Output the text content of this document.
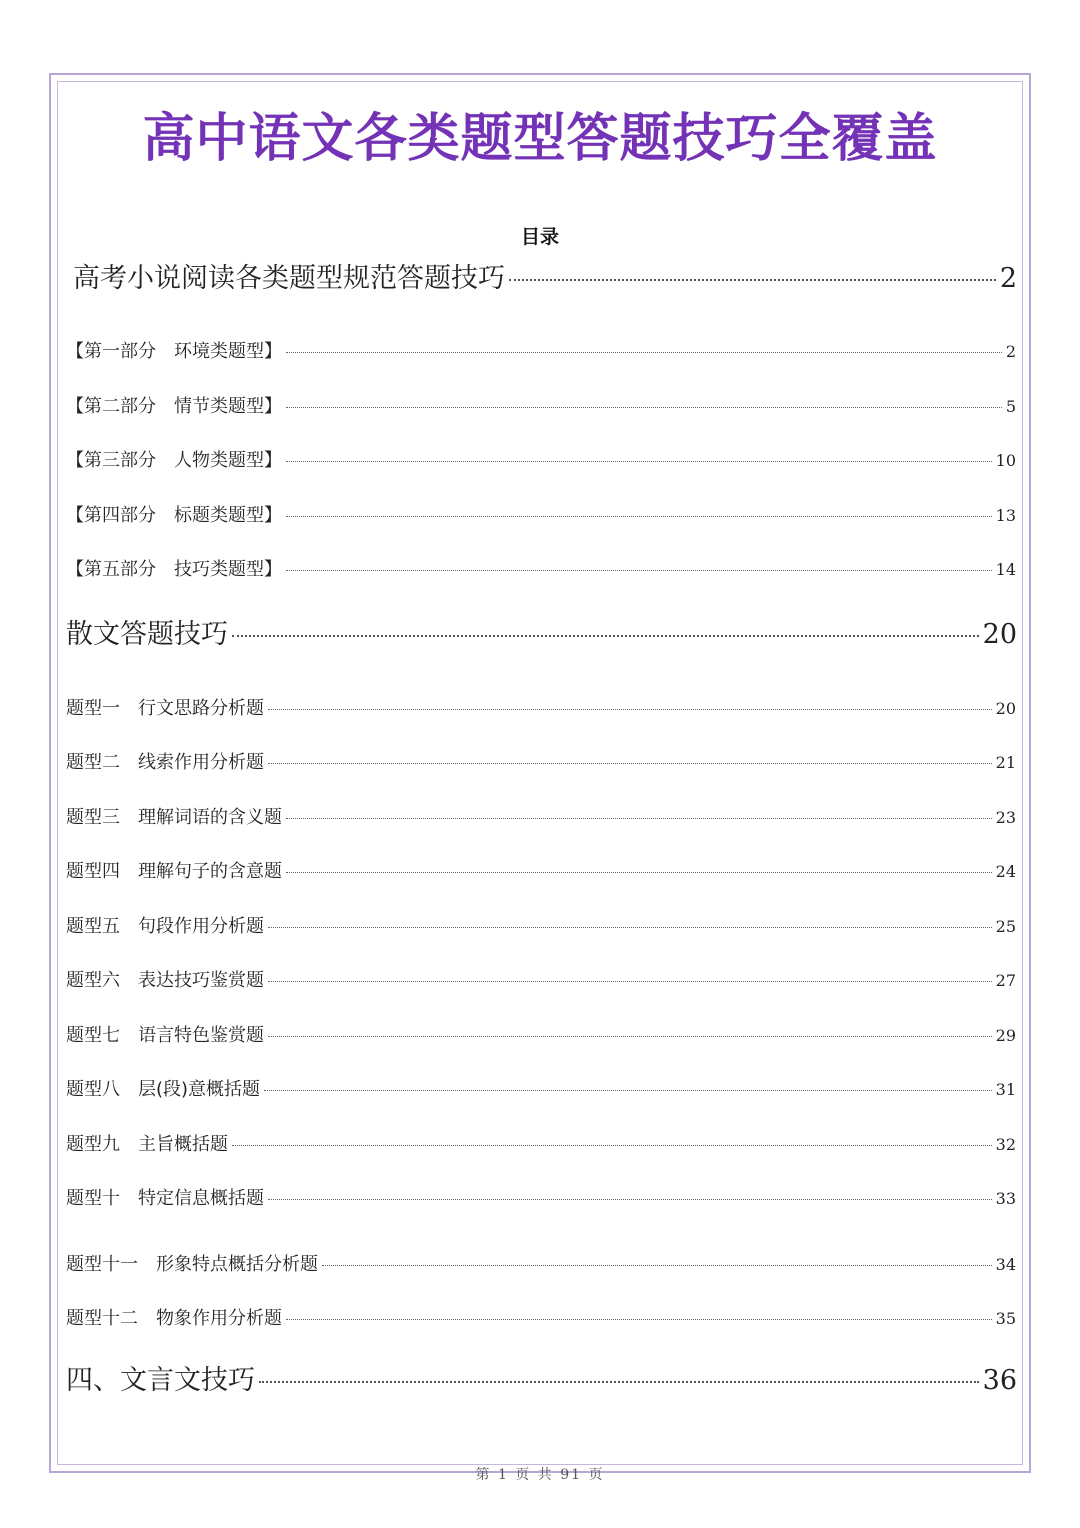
高中语文各类题型答题技巧全覆盖
目录
高考小说阅读各类题型规范答题技巧	2
【第一部分　环境类题型】	2
【第二部分　情节类题型】	5
【第三部分　人物类题型】	10
【第四部分　标题类题型】	13
【第五部分　技巧类题型】	14
散文答题技巧	20
题型一　行文思路分析题	20
题型二　线索作用分析题	21
题型三　理解词语的含义题	23
题型四　理解句子的含意题	24
题型五　句段作用分析题	25
题型六　表达技巧鉴赏题	27
题型七　语言特色鉴赏题	29
题型八　层(段)意概括题	31
题型九　主旨概括题	32
题型十　特定信息概括题	33
题型十一　形象特点概括分析题	34
题型十二　物象作用分析题	35
四、文言文技巧	36
第 1 页 共 91 页
